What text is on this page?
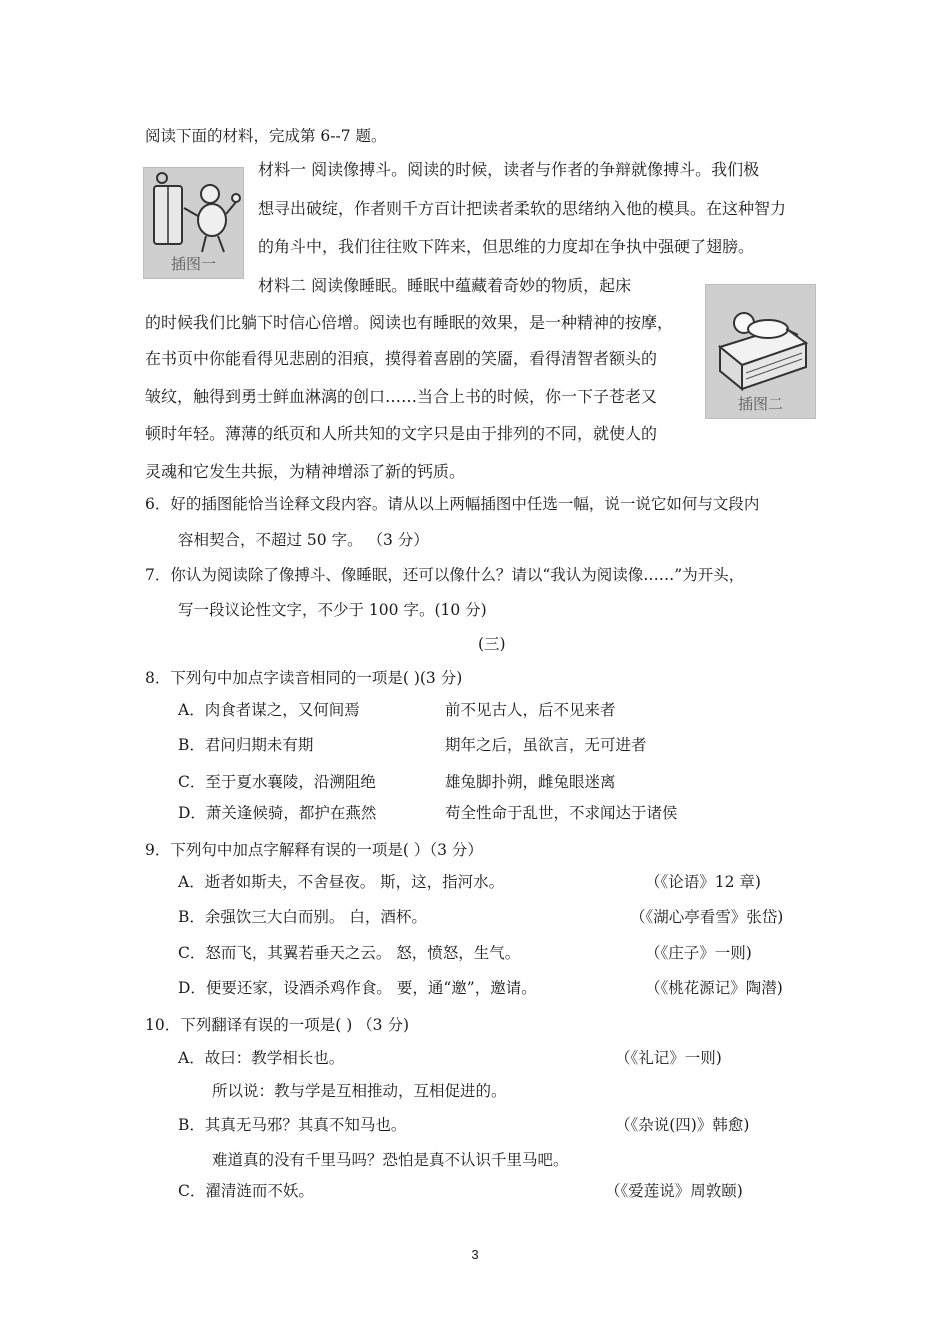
阅读下面的材料，完成第 6--7 题。
插图一
材料一 阅读像搏斗。阅读的时候，读者与作者的争辩就像搏斗。我们极
想寻出破绽，作者则千方百计把读者柔软的思绪纳入他的模具。在这种智力
的角斗中，我们往往败下阵来，但思维的力度却在争执中强硬了翅膀。
材料二 阅读像睡眠。睡眠中蕴藏着奇妙的物质，起床
的时候我们比躺下时信心倍增。阅读也有睡眠的效果，是一种精神的按摩，
在书页中你能看得见悲剧的泪痕，摸得着喜剧的笑靥，看得清智者额头的
皱纹，触得到勇士鲜血淋漓的创口……当合上书的时候，你一下子苍老又
顿时年轻。薄薄的纸页和人所共知的文字只是由于排列的不同，就使人的
灵魂和它发生共振，为精神增添了新的钙质。
插图二
6．好的插图能恰当诠释文段内容。请从以上两幅插图中任选一幅，说一说它如何与文段内
容相契合，不超过 50 字。 （3 分）
7．你认为阅读除了像搏斗、像睡眠，还可以像什么？请以“我认为阅读像……”为开头，
写一段议论性文字，不少于 100 字。(10 分)
(三)
8．下列句中加点字读音相同的一项是( )(3 分)
A．肉食者谋之，又何间焉	前不见古人，后不见来者
B．君问归期未有期	期年之后，虽欲言，无可进者
C．至于夏水襄陵，沿溯阻绝	雄兔脚扑朔，雌兔眼迷离
D．萧关逢候骑，都护在燕然	苟全性命于乱世，不求闻达于诸侯
9．下列句中加点字解释有误的一项是( ）（3 分）
A．逝者如斯夫，不舍昼夜。 斯，这，指河水。	（《论语》12 章)
B．余强饮三大白而别。 白，酒杯。	（《湖心亭看雪》张岱)
C．怒而飞，其翼若垂天之云。 怒，愤怒，生气。	（《庄子》一则)
D．便要还家，设酒杀鸡作食。 要，通“邀”，邀请。	（《桃花源记》陶潜)
10．下列翻译有误的一项是( ) （3 分)
A．故曰：教学相长也。	（《礼记》一则)
所以说：教与学是互相推动，互相促进的。
B．其真无马邪？其真不知马也。	（《杂说(四)》韩愈)
难道真的没有千里马吗？恐怕是真不认识千里马吧。
C．濯清涟而不妖。	（《爱莲说》周敦颐)
3
